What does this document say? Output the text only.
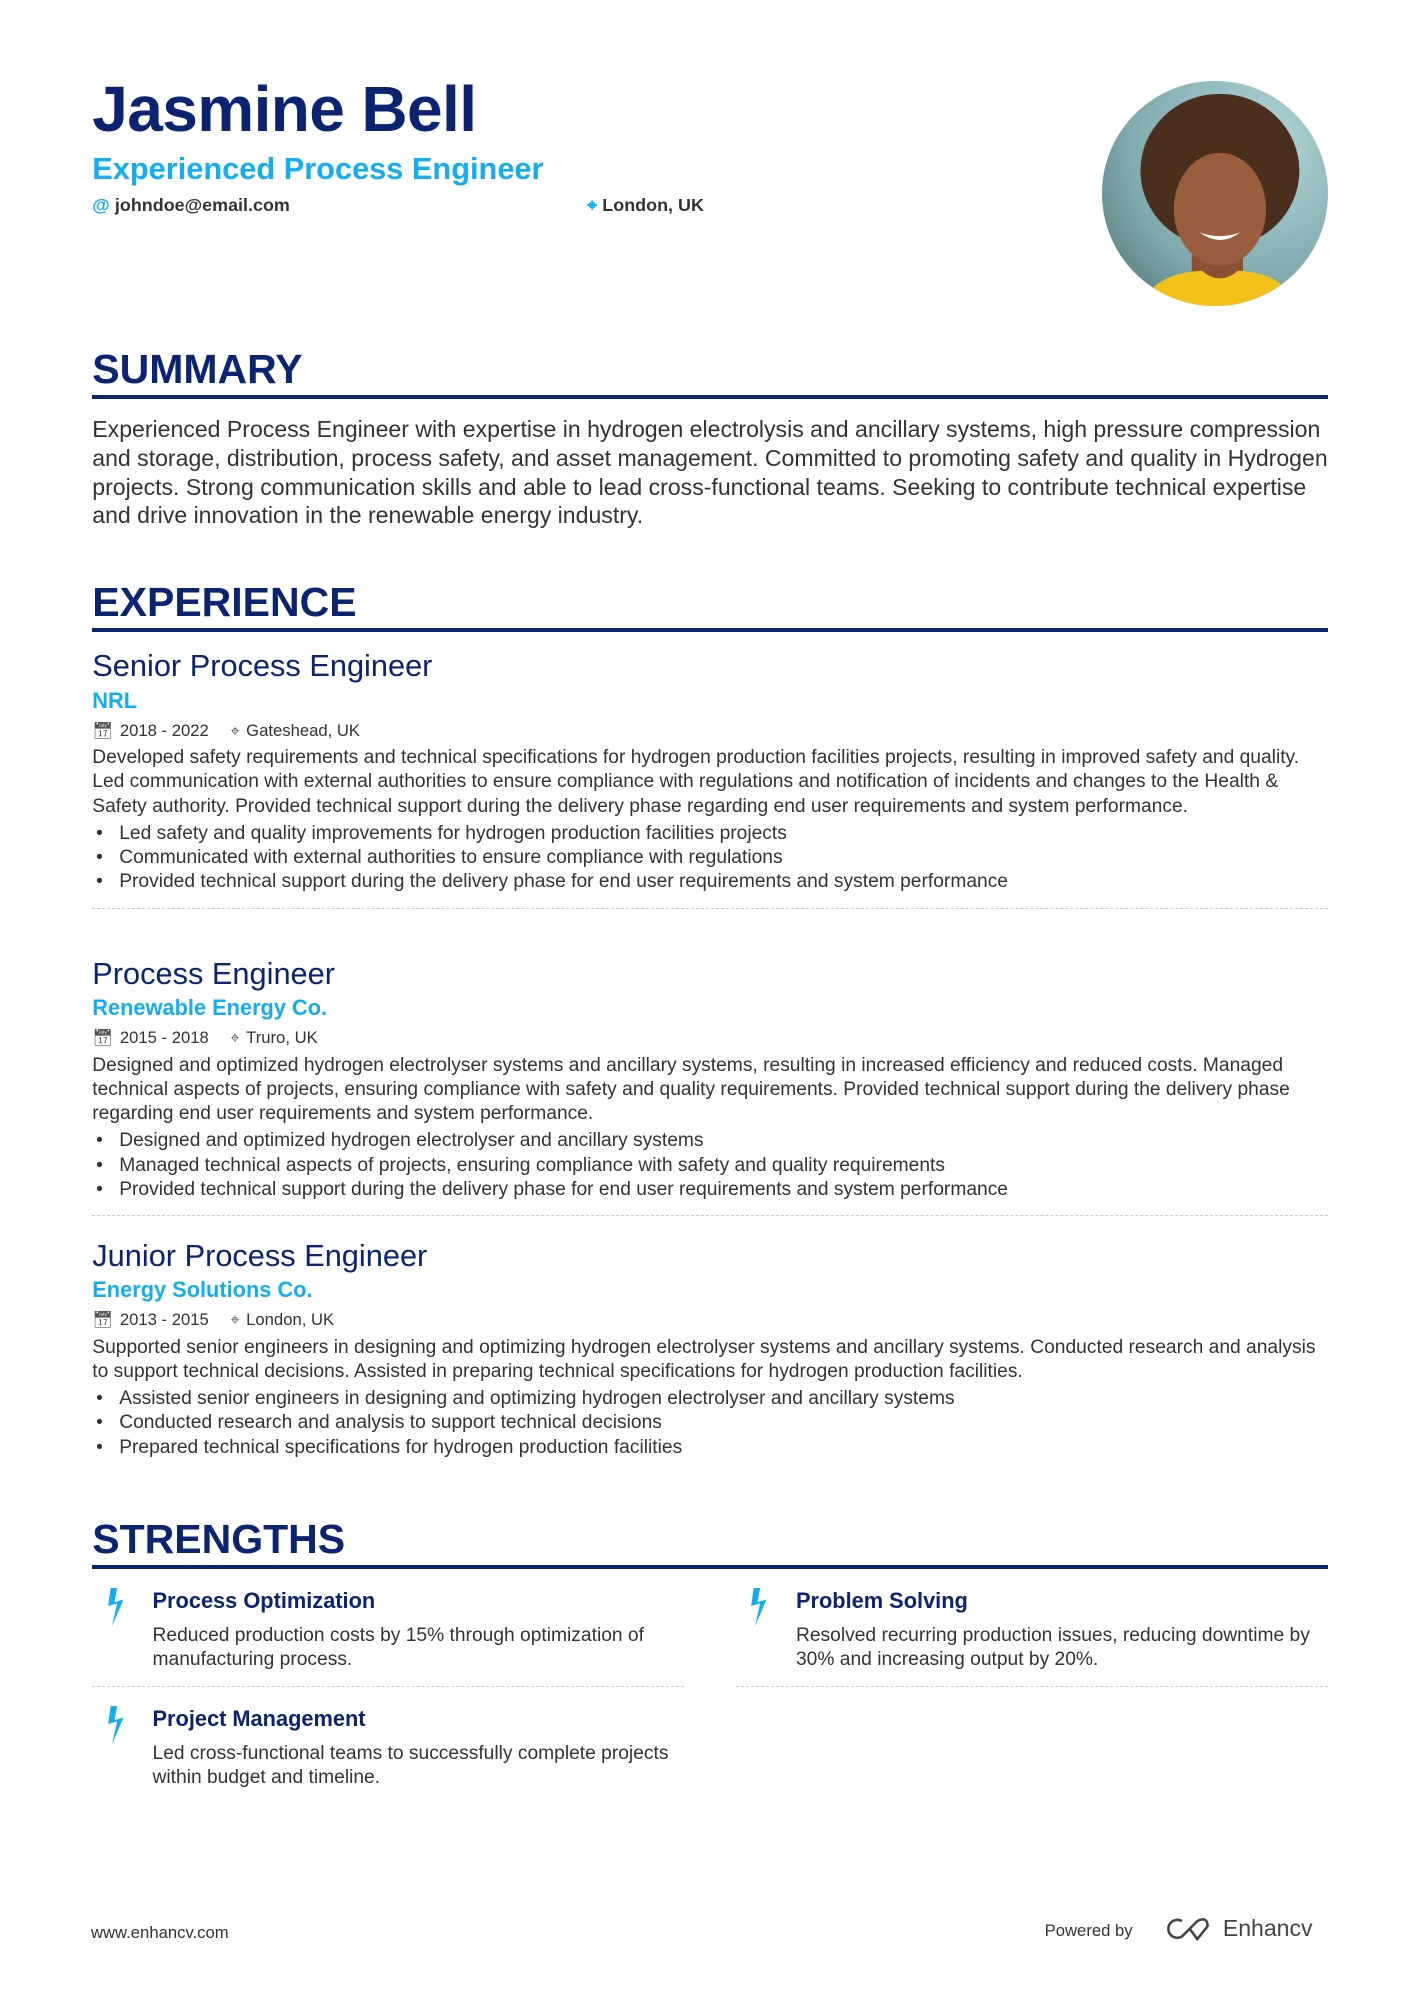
Jasmine Bell
Experienced Process Engineer
@ johndoe@email.com	⌖ London, UK
SUMMARY
Experienced Process Engineer with expertise in hydrogen electrolysis and ancillary systems, high pressure compression and storage, distribution, process safety, and asset management. Committed to promoting safety and quality in Hydrogen projects. Strong communication skills and able to lead cross-functional teams. Seeking to contribute technical expertise and drive innovation in the renewable energy industry.
EXPERIENCE
Senior Process Engineer
NRL
📅︎ 2018 - 2022 ⌖ Gateshead, UK
Developed safety requirements and technical specifications for hydrogen production facilities projects, resulting in improved safety and quality. Led communication with external authorities to ensure compliance with regulations and notification of incidents and changes to the Health & Safety authority. Provided technical support during the delivery phase regarding end user requirements and system performance.
• Led safety and quality improvements for hydrogen production facilities projects
• Communicated with external authorities to ensure compliance with regulations
• Provided technical support during the delivery phase for end user requirements and system performance
Process Engineer
Renewable Energy Co.
📅︎ 2015 - 2018 ⌖ Truro, UK
Designed and optimized hydrogen electrolyser systems and ancillary systems, resulting in increased efficiency and reduced costs. Managed technical aspects of projects, ensuring compliance with safety and quality requirements. Provided technical support during the delivery phase regarding end user requirements and system performance.
• Designed and optimized hydrogen electrolyser and ancillary systems
• Managed technical aspects of projects, ensuring compliance with safety and quality requirements
• Provided technical support during the delivery phase for end user requirements and system performance
Junior Process Engineer
Energy Solutions Co.
📅︎ 2013 - 2015 ⌖ London, UK
Supported senior engineers in designing and optimizing hydrogen electrolyser systems and ancillary systems. Conducted research and analysis to support technical decisions. Assisted in preparing technical specifications for hydrogen production facilities.
• Assisted senior engineers in designing and optimizing hydrogen electrolyser and ancillary systems
• Conducted research and analysis to support technical decisions
• Prepared technical specifications for hydrogen production facilities
STRENGTHS
Process Optimization

Reduced production costs by 15% through optimization of manufacturing process.

Problem Solving

Resolved recurring production issues, reducing downtime by 30% and increasing output by 20%.

Project Management

Led cross-functional teams to successfully complete projects within budget and timeline.

www.enhancv.com	Powered by	Enhancv
